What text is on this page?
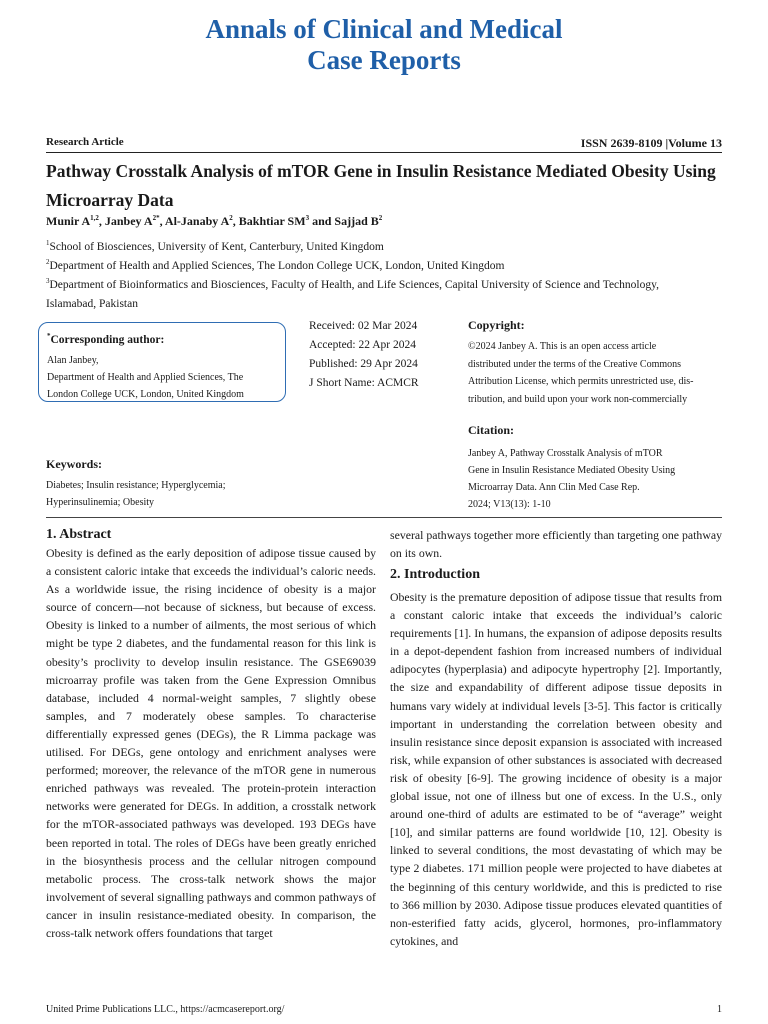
Annals of Clinical and Medical
Case Reports
Research Article	ISSN 2639-8109 |Volume 13
Pathway Crosstalk Analysis of mTOR Gene in Insulin Resistance Mediated Obesity Using Microarray Data
Munir A$^{1,2}$, Janbey $A^{2*}$, Al-Janaby $A^2$, Bakhtiar $SM^3$ and Sajjad $B^2$
$^1$School of Biosciences, University of Kent, Canterbury, United Kingdom
$^2$Department of Health and Applied Sciences, The London College UCK, London, United Kingdom
$^3$Department of Bioinformatics and Biosciences, Faculty of Health, and Life Sciences, Capital University of Science and Technology,
Islamabad, Pakistan
*Corresponding author:
Alan Janbey,
Department of Health and Applied Sciences, The
London College UCK, London, United Kingdom
Received: 02 Mar 2024
Accepted: 22 Apr 2024
Published: 29 Apr 2024
J Short Name: ACMCR
Copyright:
©2024 Janbey A. This is an open access article
distributed under the terms of the Creative Commons
Attribution License, which permits unrestricted use, dis-
tribution, and build upon your work non-commercially
Citation:
Janbey A, Pathway Crosstalk Analysis of mTOR
Gene in Insulin Resistance Mediated Obesity Using
Microarray Data. Ann Clin Med Case Rep.
2024; V13(13): 1-10
Keywords:
Diabetes; Insulin resistance; Hyperglycemia;
Hyperinsulinemia; Obesity
1. Abstract
Obesity is defined as the early deposition of adipose tissue caused by a consistent caloric intake that exceeds the individual’s caloric needs. As a worldwide issue, the rising incidence of obesity is a major source of concern—not because of sickness, but because of excess. Obesity is linked to a number of ailments, the most serious of which might be type 2 diabetes, and the fundamental reason for this link is obesity’s proclivity to develop insulin resistance. The GSE69039 microarray profile was taken from the Gene Expression Omnibus database, included 4 normal-weight samples, 7 slightly obese samples, and 7 moderately obese samples. To characterise differentially expressed genes (DEGs), the R Limma package was utilised. For DEGs, gene ontology and enrichment analyses were performed; moreover, the relevance of the mTOR gene in numerous enriched pathways was revealed. The protein-protein interaction networks were generated for DEGs. In addition, a crosstalk network for the mTOR-associated pathways was developed. 193 DEGs have been reported in total. The roles of DEGs have been greatly enriched in the biosynthesis process and the cellular nitrogen compound metabolic process. The cross-talk network shows the major involvement of several signalling pathways and common pathways of cancer in insulin resistance-mediated obesity. In comparison, the cross-talk network offers foundations that target
several pathways together more efficiently than targeting one pathway on its own.
2. Introduction
Obesity is the premature deposition of adipose tissue that results from a constant caloric intake that exceeds the individual’s caloric requirements [1]. In humans, the expansion of adipose deposits results in a depot-dependent fashion from increased numbers of individual adipocytes (hyperplasia) and adipocyte hypertrophy [2]. Importantly, the size and expandability of different adipose tissue deposits in humans vary widely at individual levels [3-5]. This factor is critically important in understanding the correlation between obesity and insulin resistance since deposit expansion is associated with increased risk, while expansion of other substances is associated with decreased risk of obesity [6-9]. The growing incidence of obesity is a major global issue, not one of illness but one of excess. In the U.S., only around one-third of adults are estimated to be of “average” weight [10], and similar patterns are found worldwide [10, 12]. Obesity is linked to several conditions, the most devastating of which may be type 2 diabetes. 171 million people were projected to have diabetes at the beginning of this century worldwide, and this is predicted to rise to 366 million by 2030. Adipose tissue produces elevated quantities of non-esterified fatty acids, glycerol, hormones, pro-inflammatory cytokines, and
United Prime Publications LLC., https://acmcasereport.org/	1
